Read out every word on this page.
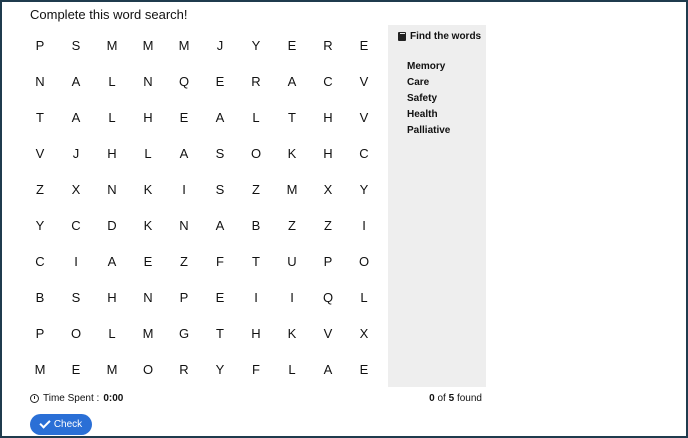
Complete this word search!
P	S	M	M	M	J	Y	E	R	E
N	A	L	N	Q	E	R	A	C	V
T	A	L	H	E	A	L	T	H	V
V	J	H	L	A	S	O	K	H	C
Z	X	N	K	I	S	Z	M	X	Y
Y	C	D	K	N	A	B	Z	Z	I
C	I	A	E	Z	F	T	U	P	O
B	S	H	N	P	E	I	I	Q	L
P	O	L	M	G	T	H	K	V	X
M	E	M	O	R	Y	F	L	A	E
Find the words
Memory
Care
Safety
Health
Palliative
Time Spent : 0:00	0 of 5 found
Check
